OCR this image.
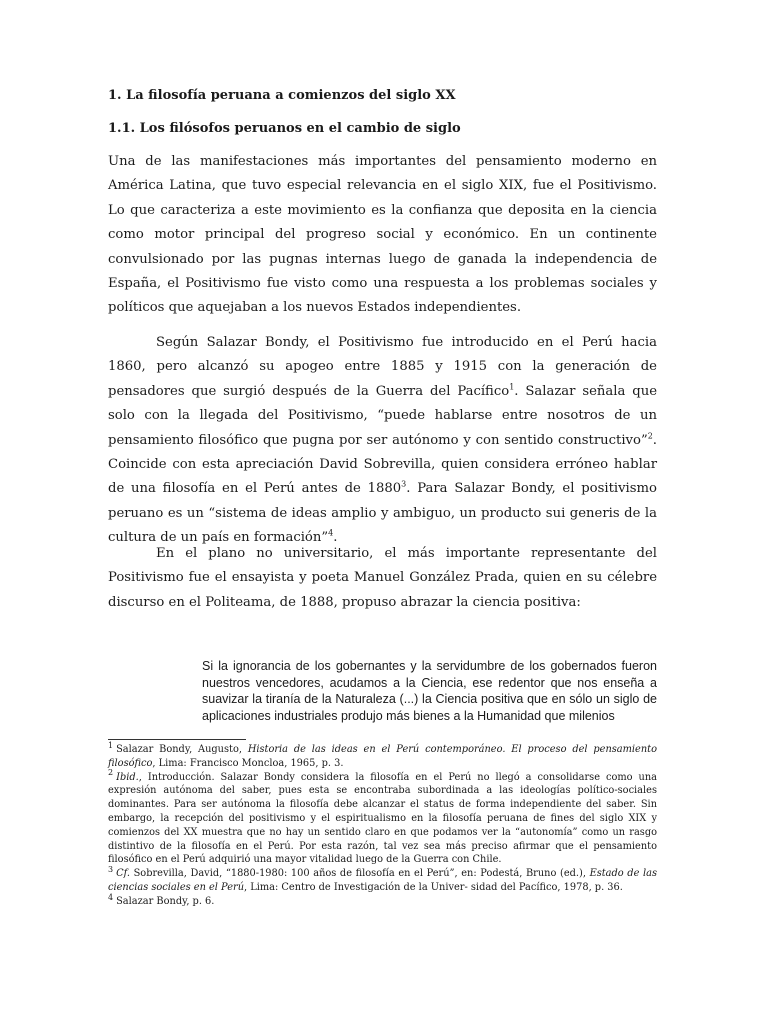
1. La filosofía peruana a comienzos del siglo XX
1.1. Los filósofos peruanos en el cambio de siglo

Una de las manifestaciones más importantes del pensamiento moderno en América Latina, que tuvo especial relevancia en el siglo XIX, fue el Positivismo. Lo que caracteriza a este movimiento es la confianza que deposita en la ciencia como motor principal del progreso social y económico. En un continente convulsionado por las pugnas internas luego de ganada la independencia de España, el Positivismo fue visto como una respuesta a los problemas sociales y políticos que aquejaban a los nuevos Estados independientes.

Según Salazar Bondy, el Positivismo fue introducido en el Perú hacia 1860, pero alcanzó su apogeo entre 1885 y 1915 con la generación de pensadores que surgió después de la Guerra del Pacífico$^1$. Salazar señala que solo con la llegada del Positivismo, “puede hablarse entre nosotros de un pensamiento filosófico que pugna por ser autónomo y con sentido constructivo”$^2$. Coincide con esta apreciación David Sobrevilla, quien considera erróneo hablar de una filosofía en el Perú antes de 1880$^3$. Para Salazar Bondy, el positivismo peruano es un “sistema de ideas amplio y ambiguo, un producto sui generis de la cultura de un país en formación”$^4$.

En el plano no universitario, el más importante representante del Positivismo fue el ensayista y poeta Manuel González Prada, quien en su célebre discurso en el Politeama, de 1888, propuso abrazar la ciencia positiva:

Si la ignorancia de los gobernantes y la servidumbre de los gobernados fueron nuestros vencedores, acudamos a la Ciencia, ese redentor que nos enseña a suavizar la tiranía de la Naturaleza (...) la Ciencia positiva que en sólo un siglo de aplicaciones industriales produjo más bienes a la Humanidad que milenios

$^1$ Salazar Bondy, Augusto, Historia de las ideas en el Perú contemporáneo. El proceso del pensamiento filosófico, Lima: Francisco Moncloa, 1965, p. 3.

$^2$ Ibid., Introducción. Salazar Bondy considera la filosofía en el Perú no llegó a consolidarse como una expresión autónoma del saber, pues esta se encontraba subordinada a las ideologías político-sociales dominantes. Para ser autónoma la filosofía debe alcanzar el status de forma independiente del saber. Sin embargo, la recepción del positivismo y el espiritualismo en la filosofía peruana de fines del siglo XIX y comienzos del XX muestra que no hay un sentido claro en que podamos ver la “autonomía” como un rasgo distintivo de la filosofía en el Perú. Por esta razón, tal vez sea más preciso afirmar que el pensamiento filosófico en el Perú adquirió una mayor vitalidad luego de la Guerra con Chile.

$^3$ Cf. Sobrevilla, David, “1880-1980: 100 años de filosofía en el Perú”, en: Podestá, Bruno (ed.), Estado de las ciencias sociales en el Perú, Lima: Centro de Investigación de la Univer- sidad del Pacífico, 1978, p. 36.

$^4$ Salazar Bondy, p. 6.
